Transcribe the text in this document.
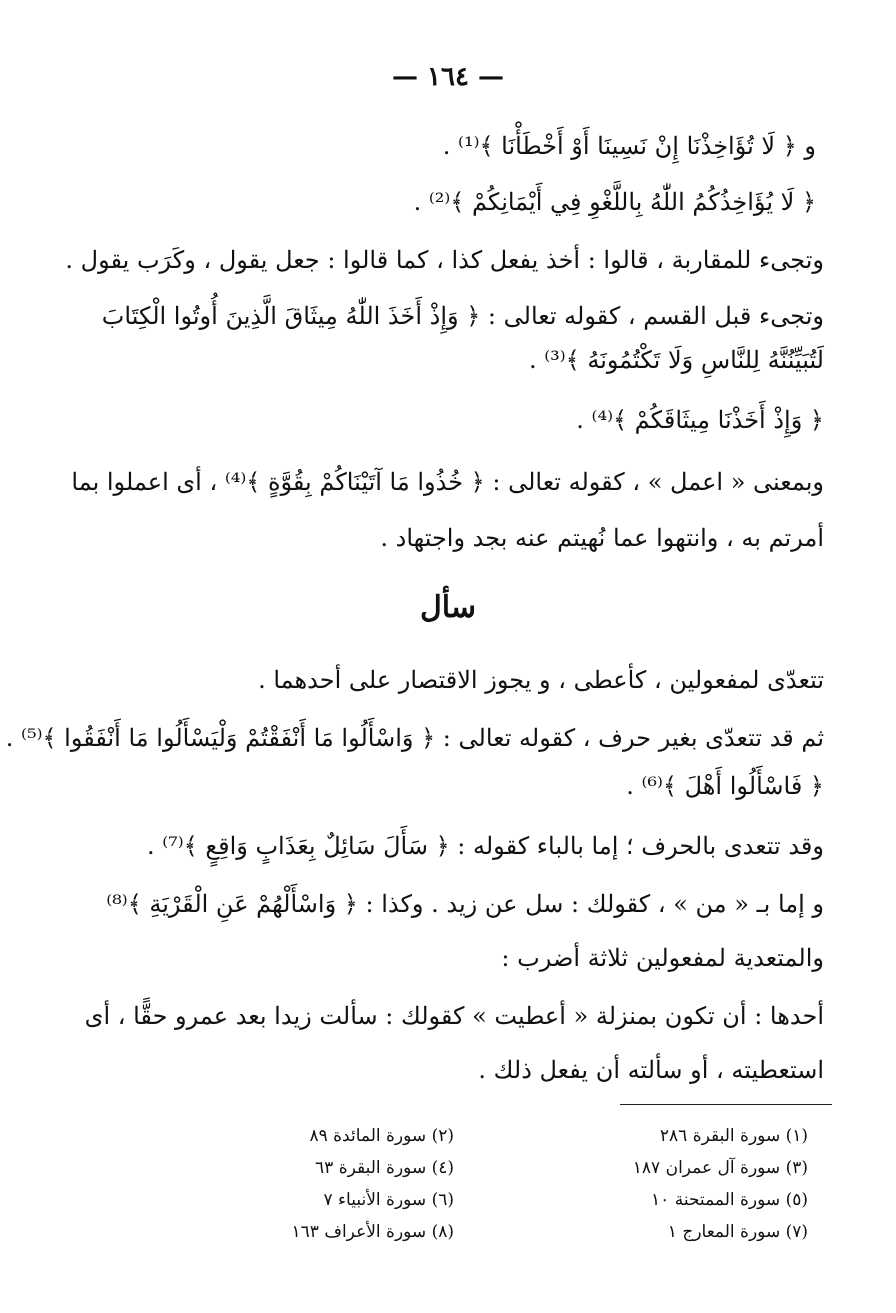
— ١٦٤ —
و ﴿ لَا تُؤَاخِذْنَا إِنْ نَسِينَا أَوْ أَخْطَأْنَا ﴾⁽¹⁾ .
﴿ لَا يُؤَاخِذُكُمُ اللّٰهُ بِاللَّغْوِ فِي أَيْمَانِكُمْ ﴾⁽²⁾ .
وتجىء للمقاربة ، قالوا : أخذ يفعل كذا ، كما قالوا : جعل يقول ، وكَرَب يقول .
وتجىء قبل القسم ، كقوله تعالى : ﴿ وَإِذْ أَخَذَ اللّٰهُ مِيثَاقَ الَّذِينَ أُوتُوا الْكِتَابَ
لَتُبَيِّنُنَّهُ لِلنَّاسِ وَلَا تَكْتُمُونَهُ ﴾⁽³⁾ .
﴿ وَإِذْ أَخَذْنَا مِيثَاقَكُمْ ﴾⁽⁴⁾ .
وبمعنى « اعمل » ، كقوله تعالى : ﴿ خُذُوا مَا آتَيْنَاكُمْ بِقُوَّةٍ ﴾⁽⁴⁾ ، أى اعملوا بما
أمرتم به ، وانتهوا عما نُهيتم عنه بجد واجتهاد .
سأل
تتعدّى لمفعولين ، كأعطى ، و يجوز الاقتصار على أحدهما .
ثم قد تتعدّى بغير حرف ، كقوله تعالى : ﴿ وَاسْأَلُوا مَا أَنْفَقْتُمْ وَلْيَسْأَلُوا مَا أَنْفَقُوا ﴾⁽⁵⁾ .
﴿ فَاسْأَلُوا أَهْلَ ﴾⁽⁶⁾ .
وقد تتعدى بالحرف ؛ إما بالباء كقوله : ﴿ سَأَلَ سَائِلٌ بِعَذَابٍ وَاقِعٍ ﴾⁽⁷⁾ .
و إما بـ « من » ، كقولك : سل عن زيد . وكذا : ﴿ وَاسْأَلْهُمْ عَنِ الْقَرْيَةِ ﴾⁽⁸⁾
والمتعدية لمفعولين ثلاثة أضرب :
أحدها : أن تكون بمنزلة « أعطيت » كقولك : سألت زيدا بعد عمرو حقًّا ، أى
استعطيته ، أو سألته أن يفعل ذلك .
(١) سورة البقرة ٢٨٦
(٢) سورة المائدة ٨٩
(٣) سورة آل عمران ١٨٧
(٤) سورة البقرة ٦٣
(٥) سورة الممتحنة ١٠
(٦) سورة الأنبياء ٧
(٧) سورة المعارج ١
(٨) سورة الأعراف ١٦٣
